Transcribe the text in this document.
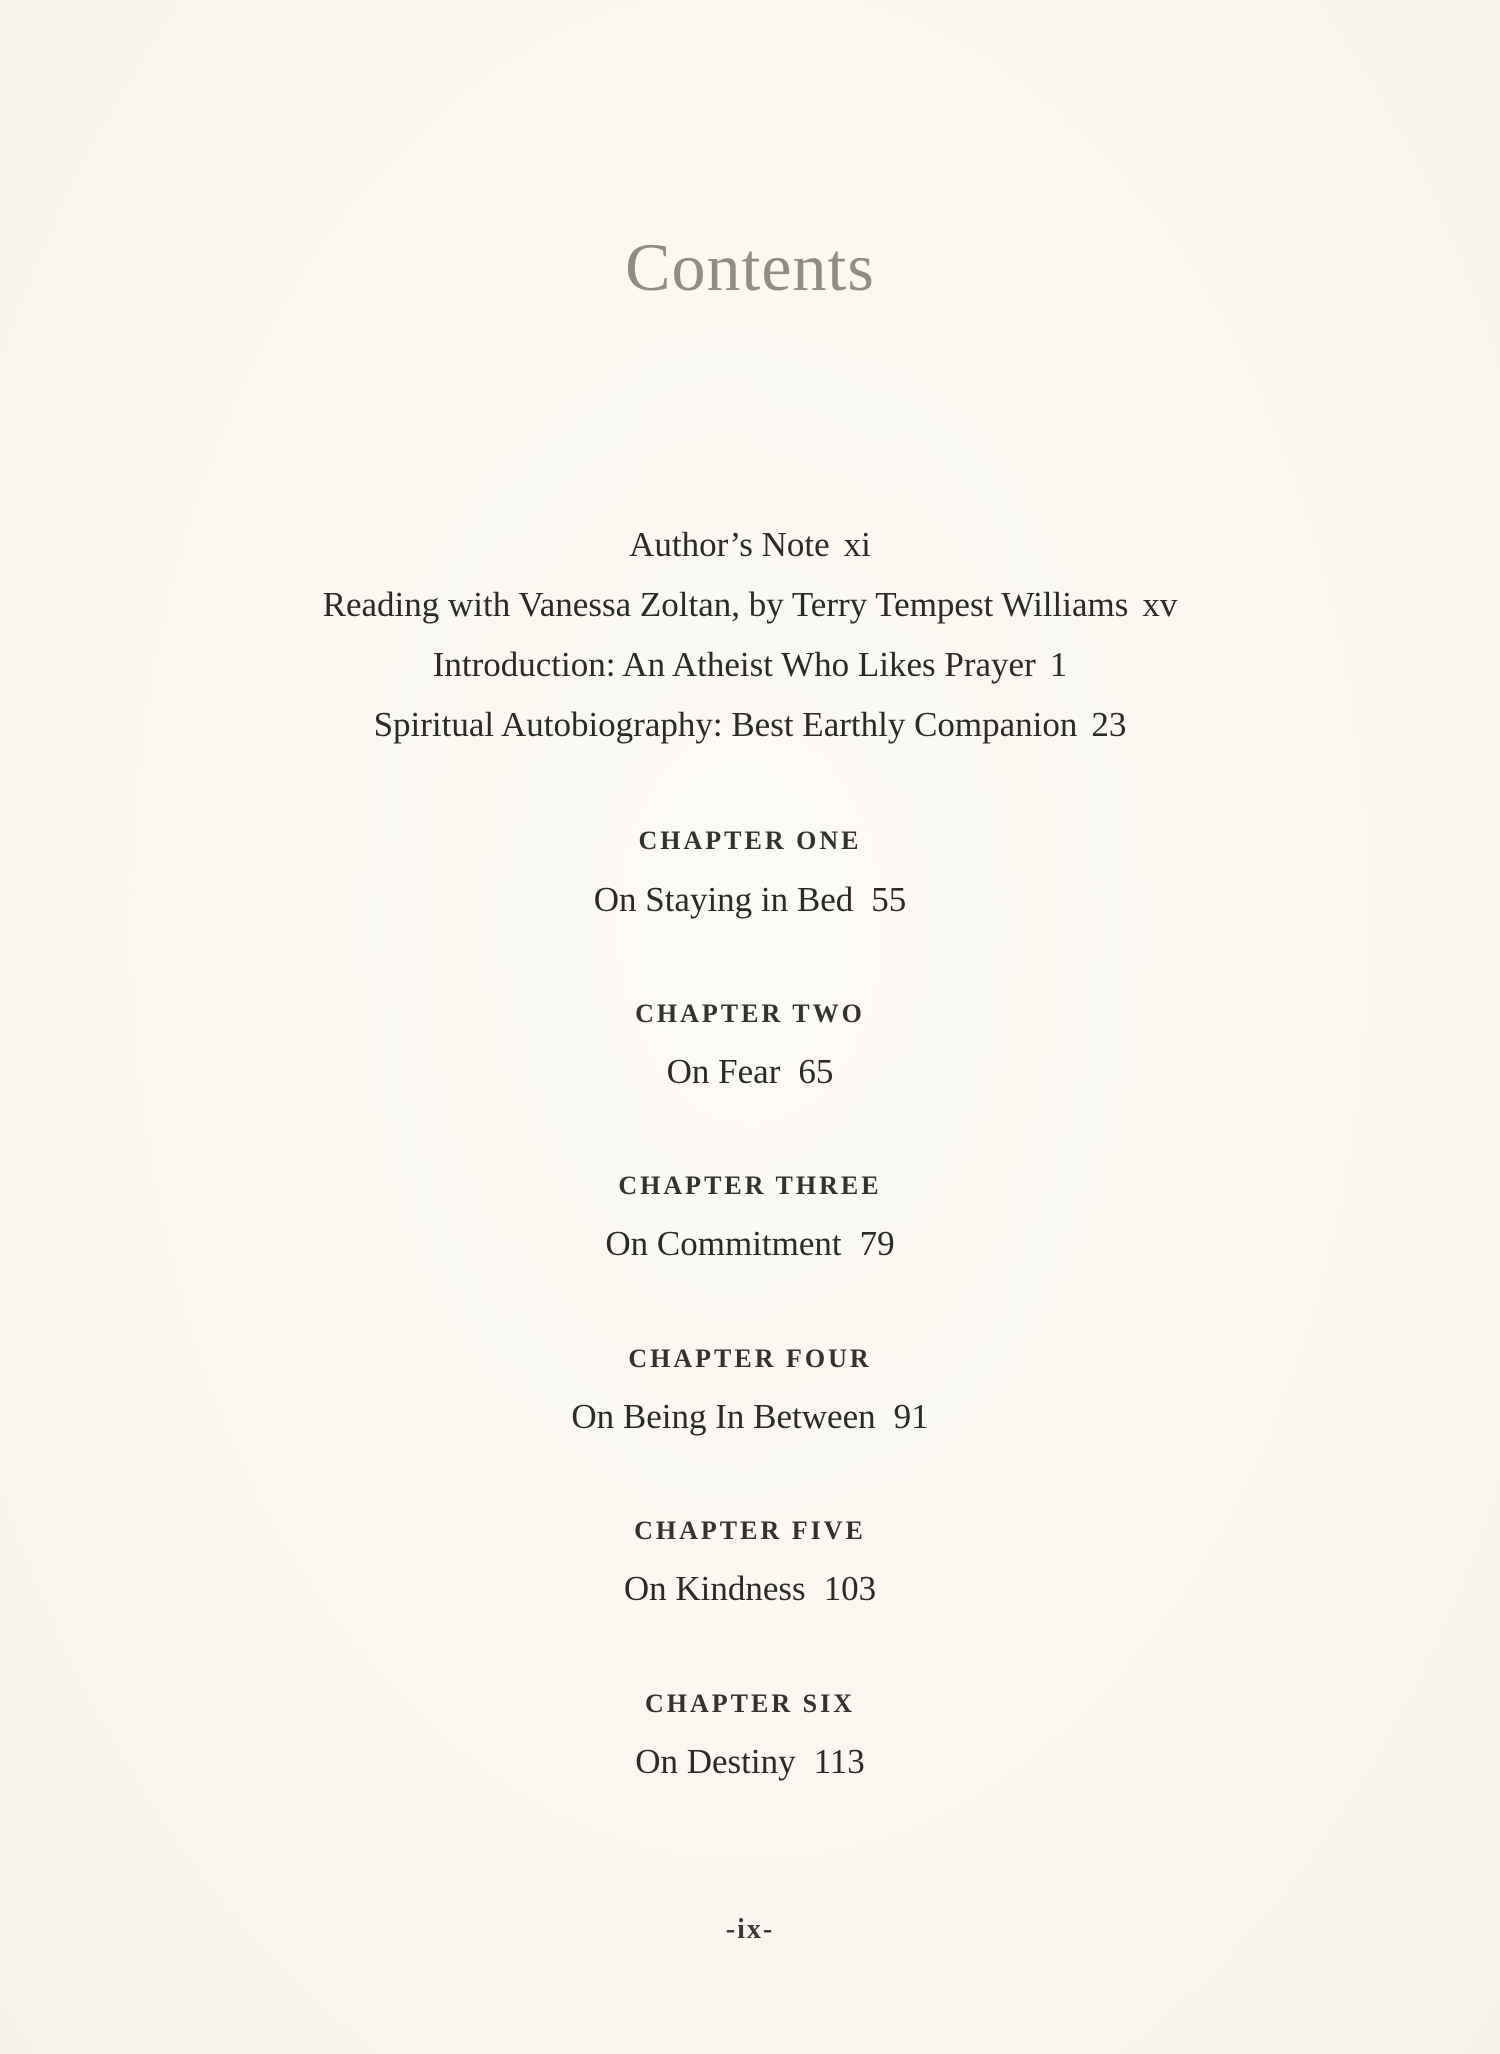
Contents
Author’s Note xi
Reading with Vanessa Zoltan, by Terry Tempest Williams xv
Introduction: An Atheist Who Likes Prayer 1
Spiritual Autobiography: Best Earthly Companion 23
CHAPTER ONE
On Staying in Bed 55
CHAPTER TWO
On Fear 65
CHAPTER THREE
On Commitment 79
CHAPTER FOUR
On Being In Between 91
CHAPTER FIVE
On Kindness 103
CHAPTER SIX
On Destiny 113
-ix-
